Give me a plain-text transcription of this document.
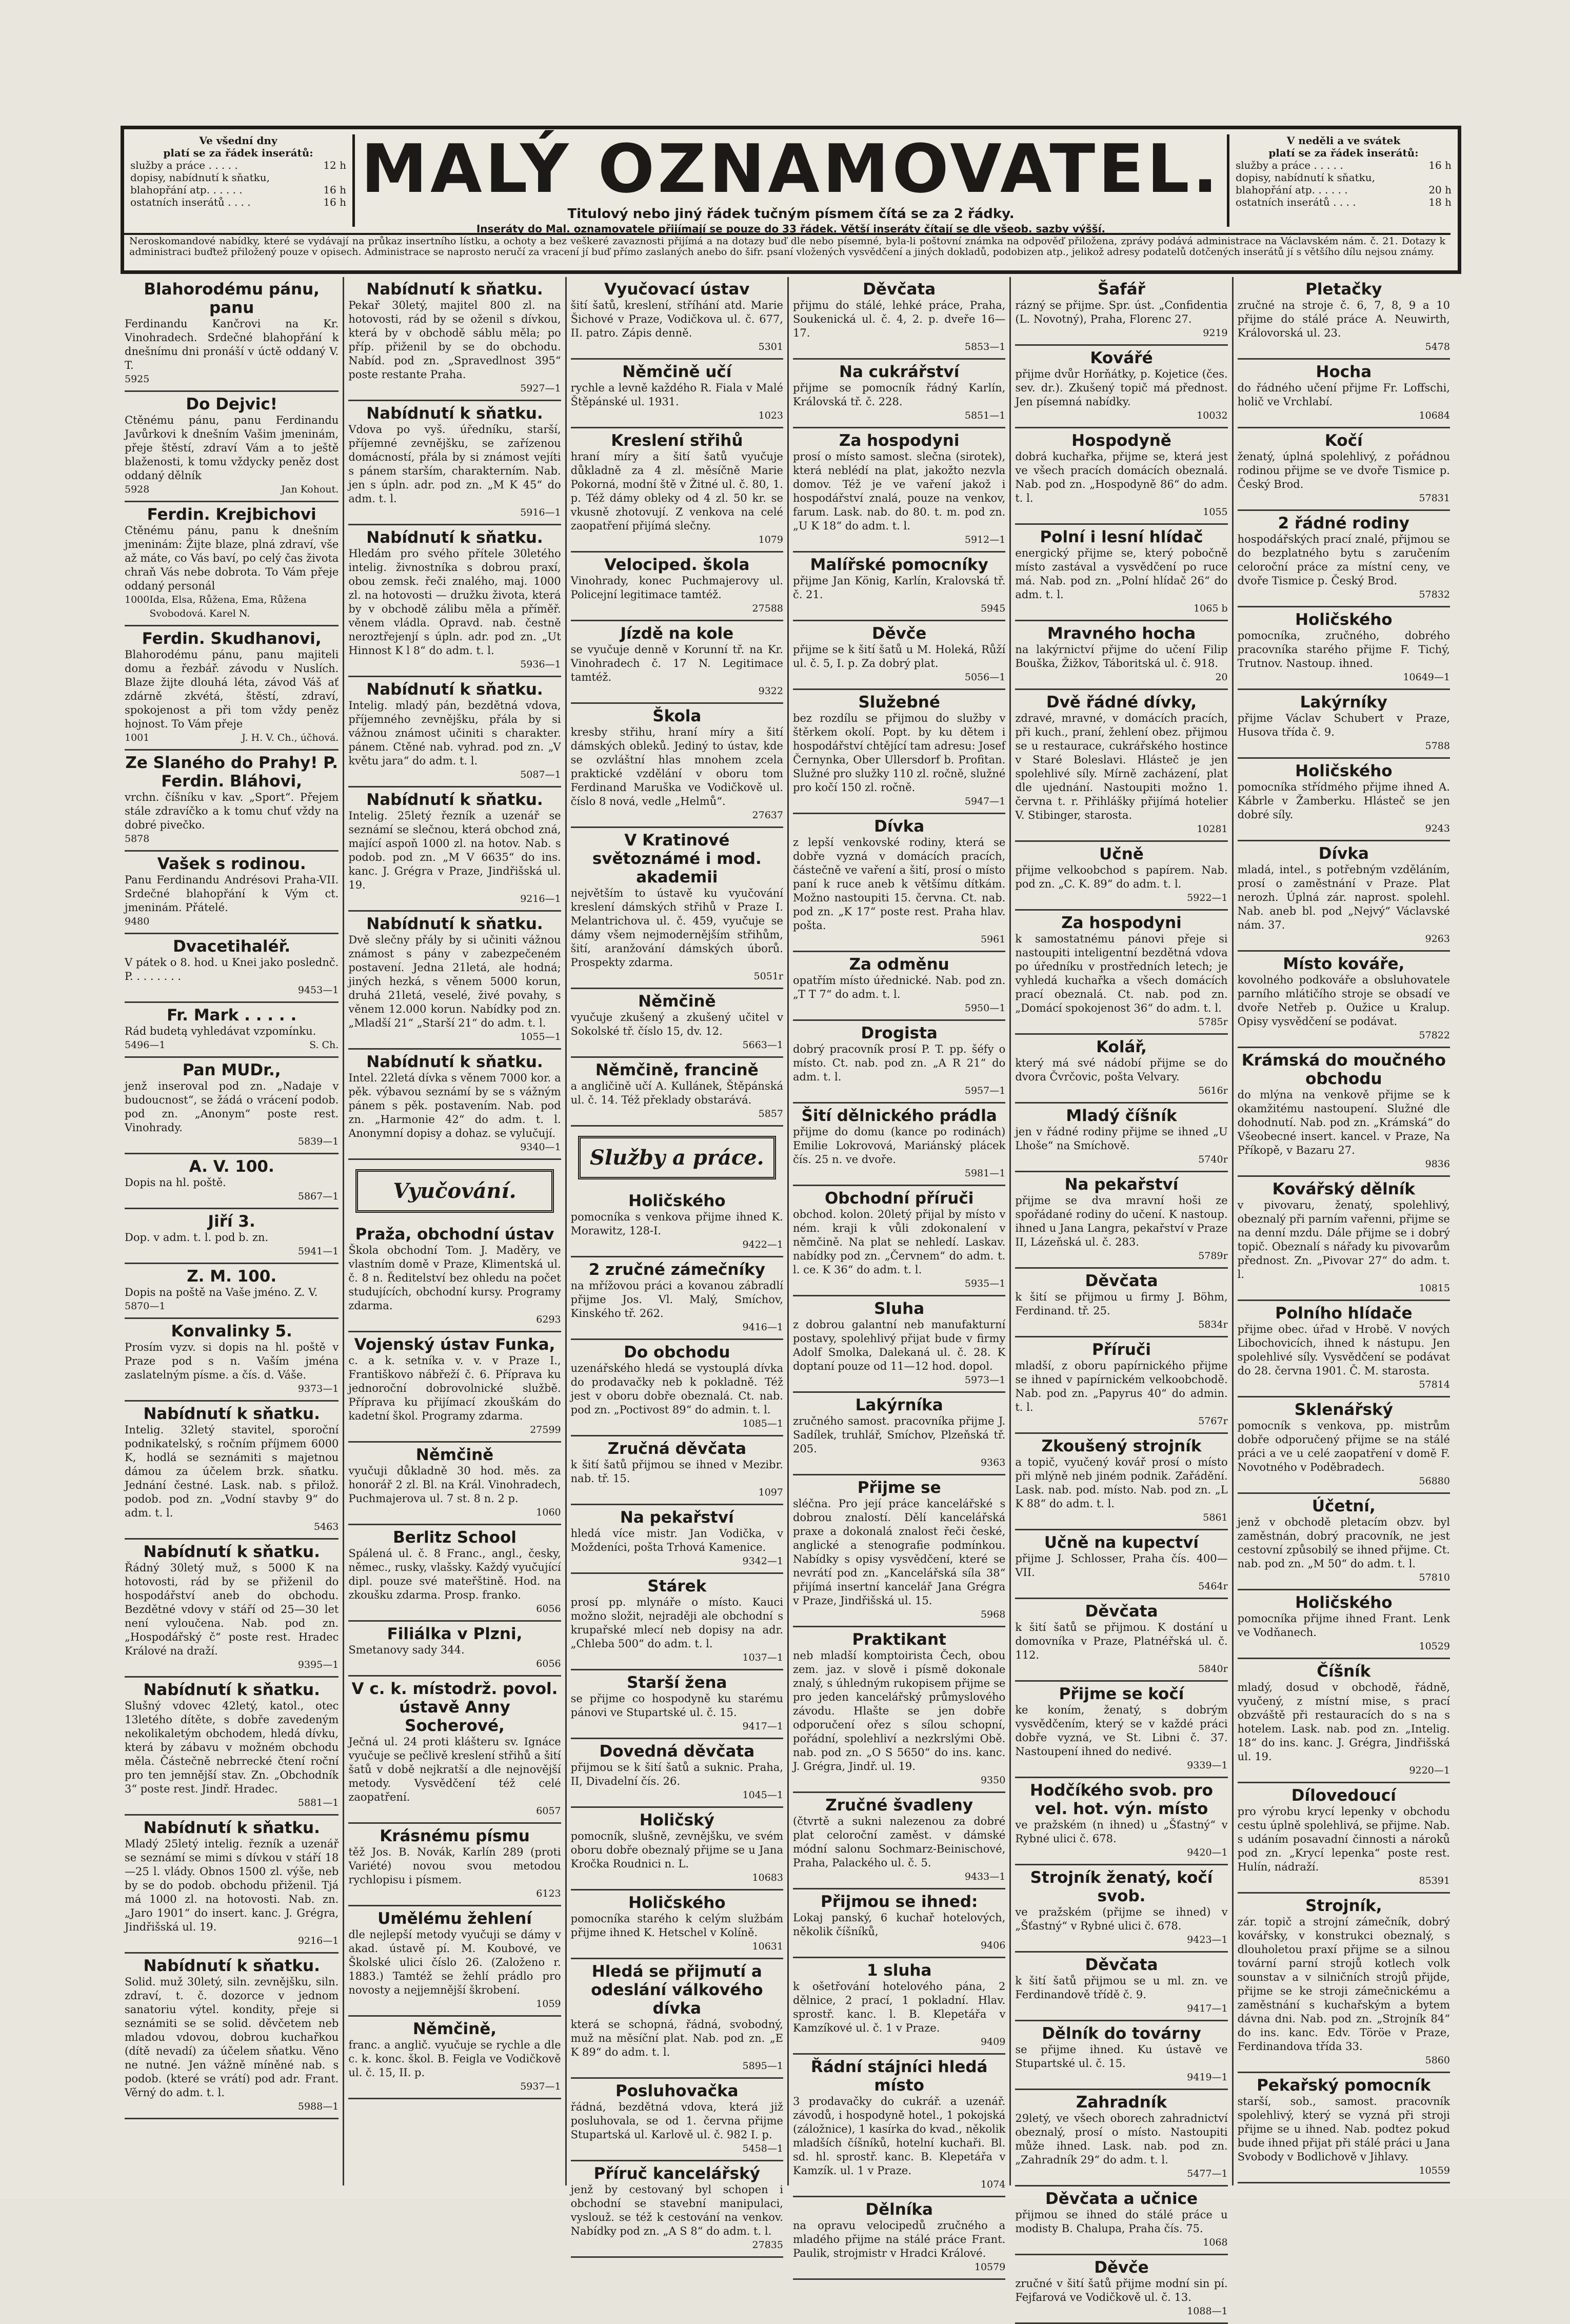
Ve všední dny
platí se za řádek inserátů:
služby a práce . . . . .	12 h
dopisy, nabídnutí k sňatku,
blahopřání atp. . . . . .	16 h
ostatních inserátů . . . .	16 h MALÝ OZNAMOVATEL.
Titulový nebo jiný řádek tučným písmem čítá se za 2 řádky.
Inseráty do Mal. oznamovatele přijímají se pouze do 33 řádek. Větší inseráty čítají se dle všeob. sazby výšší.
V neděli a ve svátek
platí se za řádek inserátů:
služby a práce . . . . .	16 h
dopisy, nabídnutí k sňatku,
blahopřání atp. . . . . .	20 h
ostatních inserátů . . . .	18 h
Neroskomandové nabídky, které se vydávají na průkaz insertního lístku, a ochoty a bez veškeré zavaznosti přijímá a na dotazy buď dle nebo písemné, byla-li poštovní známka na odpověď přiložena, zprávy podává administrace na Václavském nám. č. 21. Dotazy k administraci buďtež přiložený pouze v opisech. Administrace se naprosto neručí za vracení jí buď přímo zaslaných anebo do šifr. psaní vložených vysvědčení a jiných dokladů, podobizen atp., jelikož adresy podatelů dotčených inserátů jí s většího dílu nejsou známy.
Blahorodému pánu, panu
Ferdinandu Kančrovi na Kr. Vinohradech. Srdečné blahopřání k dnešnímu dni pronáší v úctě oddaný V. T.
5925
Do Dejvic!
Ctěnému pánu, panu Ferdinandu Javůrkovi k dnešním Vašim jmeninám, přeje štěstí, zdraví Vám a to ještě blaženosti, k tomu vždycky peněz dost oddaný dělník
5928	Jan Kohout.
Ferdin. Krejbichovi
Ctěnému pánu, panu k dnešním jmeninám: Žijte blaze, plná zdraví, vše až máte, co Vás baví, po celý čas života chraň Vás nebe dobrota. To Vám přeje oddaný personál
1000 Ida, Elsa, Růžena, Ema, Růžena Svobodová. Karel N.
Ferdin. Skudhanovi,
Blahorodému pánu, panu majiteli domu a řezbář. závodu v Nuslích. Blaze žijte dlouhá léta, závod Váš ať zdárně zkvétá, štěstí, zdraví, spokojenost a při tom vždy peněz hojnost. To Vám přeje
1001	J. H. V. Ch., účhová.
Ze Slaného do Prahy! P. Ferdin. Bláhovi,
vrchn. číšníku v kav. „Sport“. Přejem stále zdravíčko a k tomu chuť vždy na dobré pivečko.
5878
Vašek s rodinou.
Panu Ferdinandu Andrésovi Praha-VII. Srdečné blahopřání k Vým ct. jmeninám. Přátelé.
9480
Dvacetihaléř.
V pátek o 8. hod. u Knei jako poslednč. P. . . . . . . .
9453—1
Fr. Mark . . . . .
Rád budetą vyhledávat vzpomínku.
5496—1	S. Ch.
Pan MUDr.,
jenž inseroval pod zn. „Nadaje v budoucnost“, se žádá o vrácení podob. pod zn. „Anonym“ poste rest. Vinohrady.
5839—1
A. V. 100.
Dopis na hl. poště.
5867—1
Jiří 3.
Dop. v adm. t. l. pod b. zn.
5941—1
Z. M. 100.
Dopis na poště na Vaše jméno. Z. V.
5870—1
Konvalinky 5.
Prosím vyzv. si dopis na hl. poště v Praze pod s n. Vaším jména zaslatelným písme. a čís. d. Váše.
9373—1
Nabídnutí k sňatku.
Intelig. 32letý stavitel, sporoční podnikatelský, s ročním příjmem 6000 K, hodlá se seznámiti s majetnou dámou za účelem brzk. sňatku. Jednání čestné. Lask. nab. s přilož. podob. pod zn. „Vodní stavby 9“ do adm. t. l.
5463
Nabídnutí k sňatku.
Řádný 30letý muž, s 5000 K na hotovosti, rád by se přiženil do hospodářství aneb do obchodu. Bezdětné vdovy v stáří od 25—30 let není vyloučena. Nab. pod zn. „Hospodářský č“ poste rest. Hradec Králové na draží.
9395—1
Nabídnutí k sňatku.
Slušný vdovec 42letý, katol., otec 13letého dítěte, s dobře zavedeným nekolikaletým obchodem, hledá dívku, která by zábavu v možném obchodu měla. Částečně nebrrecké čtení roční pro ten jemnější stav. Zn. „Obchodník 3“ poste rest. Jindř. Hradec.
5881—1
Nabídnutí k sňatku.
Mladý 25letý intelig. řezník a uzenář se seznámí se mimi s dívkou v stáří 18—25 l. vlády. Obnos 1500 zl. výše, neb by se do podob. obchodu přiženil. Tjá má 1000 zl. na hotovosti. Nab. zn. „Jaro 1901“ do insert. kanc. J. Grégra, Jindřišská ul. 19.
9216—1
Nabídnutí k sňatku.
Solid. muž 30letý, siln. zevnějšku, siln. zdraví, t. č. dozorce v jednom sanatoriu výtel. kondity, přeje si seznámiti se se solid. děvčetem neb mladou vdovou, dobrou kuchařkou (dítě nevadí) za účelem sňatku. Věno ne nutné. Jen vážně míněné nab. s podob. (které se vrátí) pod adr. Frant. Věrný do adm. t. l.
5988—1
Nabídnutí k sňatku.
Pekař 30letý, majitel 800 zl. na hotovosti, rád by se oženil s dívkou, která by v obchodě sáblu měla; po příp. přiženil by se do obchodu. Nabíd. pod zn. „Spravedlnost 395“ poste restante Praha.
5927—1
Nabídnutí k sňatku.
Vdova po vyš. úředníku, starší, příjemné zevnějšku, se zařízenou domácností, přála by si známost vejíti s pánem starším, charakterním. Nab. jen s úpln. adr. pod zn. „M K 45“ do adm. t. l.
5916—1
Nabídnutí k sňatku.
Hledám pro svého přítele 30letého intelig. živnostníka s dobrou praxí, obou zemsk. řeči znalého, maj. 1000 zl. na hotovosti — družku života, která by v obchodě zálibu měla a příměř. věnem vládla. Opravd. nab. čestně neroztřejenjí s úpln. adr. pod zn. „Ut Hinnost K l 8“ do adm. t. l.
5936—1
Nabídnutí k sňatku.
Intelig. mladý pán, bezdětná vdova, příjemného zevnějšku, přála by si vážnou známost učiniti s charakter. pánem. Ctěné nab. vyhrad. pod zn. „V květu jara“ do adm. t. l.
5087—1
Nabídnutí k sňatku.
Intelig. 25letý řezník a uzenář se seznámí se slečnou, která obchod zná, mající aspoň 1000 zl. na hotov. Nab. s podob. pod zn. „M V 6635“ do ins. kanc. J. Grégra v Praze, Jindřišská ul. 19.
9216—1
Nabídnutí k sňatku.
Dvě slečny přály by si učiniti vážnou známost s pány v zabezpečeném postavení. Jedna 21letá, ale hodná; jiných hezká, s věnem 5000 korun, druhá 21letá, veselé, živé povahy, s věnem 12.000 korun. Nabídky pod zn. „Mladší 21“ „Starší 21“ do adm. t. l.
1055—1
Nabídnutí k sňatku.
Intel. 22letá dívka s věnem 7000 kor. a pěk. výbavou seznámí by se s vážným pánem s pěk. postavením. Nab. pod zn. „Harmonie 42“ do adm. t. l. Anonymní dopisy a dohaz. se vylučují.
9340—1
Vyučování.
Praža, obchodní ústav
Škola obchodní Tom. J. Maděry, ve vlastním domě v Praze, Klimentská ul. č. 8 n. Ředitelství bez ohledu na počet studujících, obchodní kursy. Programy zdarma.
6293
Vojenský ústav Funka,
c. a k. setníka v. v. v Praze I., Františkovo nábřeží č. 6. Příprava ku jednoroční dobrovolnické službě. Příprava ku přijímací zkouškám do kadetní škol. Programy zdarma.
27599
Němčině
vyučuji důkladně 30 hod. měs. za honorář 2 zl. Bl. na Král. Vinohradech, Puchmajerova ul. 7 st. 8 n. 2 p.
1060
Berlitz School
Spálená ul. č. 8 Franc., angl., česky, němec., rusky, vlašsky. Každý vyučující dipl. pouze své mateřštině. Hod. na zkoušku zdarma. Prosp. franko.
6056
Filiálka v Plzni,
Smetanovy sady 344.
6056
V c. k. místodrž. povol. ústavě Anny Socherové,
Ječná ul. 24 proti klášteru sv. Ignáce vyučuje se pečlivě kreslení střihů a šití šatů v době nejkratší a dle nejnovější metody. Vysvědčení též celé zaopatření.
6057
Krásnému písmu
těž Jos. B. Novák, Karlín 289 (proti Variété) novou svou metodou rychlopisu i písmem.
6123
Umělému žehlení
dle nejlepší metody vyučuji se dámy v akad. ústavě pí. M. Koubové, ve Školské ulici číslo 26. (Založeno r. 1883.) Tamtéž se žehlí prádlo pro novosty a nejjemnější škrobení.
1059
Němčině,
franc. a anglič. vyučuje se rychle a dle c. k. konc. škol. B. Feigla ve Vodičkově ul. č. 15, II. p.
5937—1
Vyučovací ústav
šití šatů, kreslení, stříhání atd. Marie Šichové v Praze, Vodičkova ul. č. 677, II. patro. Zápis denně.
5301
Němčině učí
rychle a levně každého R. Fiala v Malé Štěpánské ul. 1931.
1023
Kreslení střihů
hraní míry a šití šatů vyučuje důkladně za 4 zl. měsíčně Marie Pokorná, modní ště v Žitné ul. č. 80, 1. p. Též dámy obleky od 4 zl. 50 kr. se vkusně zhotovují. Z venkova na celé zaopatření přijímá slečny.
1079
Velociped. škola
Vinohrady, konec Puchmajerovy ul. Policejní legitimace tamtéž.
27588
Jízdě na kole
se vyučuje denně v Korunní tř. na Kr. Vinohradech č. 17 N. Legitimace tamtéž.
9322
Škola
kresby střihu, hraní míry a šití dámských obleků. Jediný to ústav, kde se ozvláštní hlas mnohem zcela praktické vzdělání v oboru tom Ferdinand Maruška ve Vodičkově ul. číslo 8 nová, vedle „Helmů“.
27637
V Kratinové světoznámé i mod. akademii
největším to ústavě ku vyučování kreslení dámských střihů v Praze I. Melantrichova ul. č. 459, vyučuje se dámy všem nejmodernějším střihům, šití, aranžování dámských úborů. Prospekty zdarma.
5051r
Němčině
vyučuje zkušený a zkušený učitel v Sokolské tř. číslo 15, dv. 12.
5663—1
Němčině, francině
a angličině učí A. Kullánek, Štěpánská ul. č. 14. Též překlady obstarává.
5857
Služby a práce.
Holičského
pomocníka s venkova přijme ihned K. Morawitz, 128-I.
9422—1
2 zručné zámečníky
na mřížovou práci a kovanou zábradlí přijme Jos. Vl. Malý, Smíchov, Kinského tř. 262.
9416—1
Do obchodu
uzenářského hledá se vystouplá dívka do prodavačky neb k pokladně. Též jest v oboru dobře obeznalá. Ct. nab. pod zn. „Poctivost 89“ do admin. t. l.
1085—1
Zručná děvčata
k šití šatů přijmou se ihned v Mezibr. nab. tř. 15.
1097
Na pekařství
hledá více mistr. Jan Vodička, v Moždeníci, pošta Trhová Kamenice.
9342—1
Stárek
prosí pp. mlynáře o místo. Kauci možno složit, nejraději ale obchodní s krupařské mlecí neb dopisy na adr. „Chleba 500“ do adm. t. l.
1037—1
Starší žena
se přijme co hospodyně ku starému pánovi ve Stupartské ul. č. 15.
9417—1
Dovedná děvčata
přijmou se k šití šatů a suknic. Praha, II, Divadelní čís. 26.
1045—1
Holičský
pomocník, slušně, zevnějšku, ve svém oboru dobře obeznalý přijme se u Jana Kročka Roudnici n. L.
10683
Holičského
pomocníka starého k celým službám přijme ihned K. Hetschel v Kolíně.
10631
Hledá se přijmutí a odeslání válkového dívka
která se schopná, řádná, svobodný, muž na měsíční plat. Nab. pod zn. „E K 89“ do adm. t. l.
5895—1
Posluhovačka
řádná, bezdětná vdova, která již posluhovala, se od 1. června přijme Stupartská ul. Karlově ul. č. 982 I. p.
5458—1
Příruč kancelářský
jenž by cestovaný byl schopen i obchodní se stavební manipulaci, vyslouž. se též k cestování na venkov. Nabídky pod zn. „A S 8“ do adm. t. l.
27835
Děvčata
přijmu do stálé, lehké práce, Praha, Soukenická ul. č. 4, 2. p. dveře 16—17.
5853—1
Na cukrářství
přijme se pomocník řádný Karlín, Královská tř. č. 228.
5851—1
Za hospodyni
prosí o místo samost. slečna (sirotek), která neblédí na plat, jakožto nezvla domov. Též je ve vaření jakož i hospodářství znalá, pouze na venkov, farum. Lask. nab. do 80. t. m. pod zn. „U K 18“ do adm. t. l.
5912—1
Malířské pomocníky
přijme Jan König, Karlín, Kralovská tř. č. 21.
5945
Děvče
přijme se k šití šatů u M. Holeká, Růží ul. č. 5, I. p. Za dobrý plat.
5056—1
Služebné
bez rozdílu se přijmou do služby v štěrkem okolí. Popt. by ku dětem i hospodářství chtějící tam adresu: Josef Černynka, Ober Ullersdorf b. Profitan. Služné pro služky 110 zl. ročně, služné pro kočí 150 zl. ročně.
5947—1
Dívka
z lepší venkovské rodiny, která se dobře vyzná v domácích pracích, částečně ve vaření a šití, prosí o místo paní k ruce aneb k většímu dítkám. Možno nastoupiti 15. června. Ct. nab. pod zn. „K 17“ poste rest. Praha hlav. pošta.
5961
Za odměnu
opatřím místo úřednické. Nab. pod zn. „T T 7“ do adm. t. l.
5950—1
Drogista
dobrý pracovník prosí P. T. pp. šéfy o místo. Ct. nab. pod zn. „A R 21“ do adm. t. l.
5957—1
Šití dělnického prádla
přijme do domu (kance po rodinách) Emilie Lokrovová, Mariánský plácek čís. 25 n. ve dvoře.
5981—1
Obchodní příruči
obchod. kolon. 20letý přijal by místo v ném. kraji k vůli zdokonalení v němčině. Na plat se nehledí. Laskav. nabídky pod zn. „Červnem“ do adm. t. l. ce. K 36“ do adm. t. l.
5935—1
Sluha
z dobrou galantní neb manufakturní postavy, spolehlivý přijat bude v firmy Adolf Smolka, Dalekaná ul. č. 28. K doptaní pouze od 11—12 hod. dopol.
5973—1
Lakýrníka
zručného samost. pracovníka přijme J. Sadílek, truhlář, Smíchov, Plzeňská tř. 205.
9363
Přijme se
sléčna. Pro její práce kancelářské s dobrou znalostí. Dělí kancelářská praxe a dokonalá znalost řeči české, anglické a stenografie podmínkou. Nabídky s opisy vysvědčení, které se nevrátí pod zn. „Kancelářská síla 38“ přijímá insertní kancelář Jana Grégra v Praze, Jindřišská ul. 15.
5968
Praktikant
neb mladší komptoirista Čech, obou zem. jaz. v slově i písmě dokonale znalý, s úhledným rukopisem přijme se pro jeden kancelářský průmyslového závodu. Hlašte se jen dobře odporučení ořez s sílou schopní, pořádní, spolehliví a nezkrslými Obě. nab. pod zn. „O S 5650“ do ins. kanc. J. Grégra, Jindř. ul. 19.
9350
Zručné švadleny
(čtvrtě a sukni nalezenou za dobré plat celoroční zaměst. v dámské módní salonu Sochmarz-Beinischové, Praha, Palackého ul. č. 5.
9433—1
Přijmou se ihned:
Lokaj panský, 6 kuchař hotelových, několik číšníků,
9406
1 sluha
k ošetřování hotelového pána, 2 dělnice, 2 prací, 1 pokladní. Hlav. sprostř. kanc. l. B. Klepetářa v Kamzíkové ul. č. 1 v Praze.
9409
Řádní stájníci hledá místo
3 prodavačky do cukrář. a uzenář. závodů, i hospodyně hotel., 1 pokojská (záložnice), 1 kasírka do kvad., několik mladších číšníků, hotelní kuchaři. Bl. sd. hl. sprostř. kanc. B. Klepetářa v Kamzík. ul. 1 v Praze.
1074
Dělníka
na opravu velocipedů zručného a mladého přijme na stálé práce Frant. Paulik, strojmistr v Hradci Králové.
10579
Šafář
rázný se přijme. Spr. úst. „Confidentia (L. Novotný), Praha, Florenc 27.
9219
Kovářé
přijme dvůr Horňátky, p. Kojetice (čes. sev. dr.). Zkušený topič má přednost. Jen písemná nabídky.
10032
Hospodyně
dobrá kuchařka, přijme se, která jest ve všech pracích domácích obeznalá. Nab. pod zn. „Hospodyně 86“ do adm. t. l.
1055
Polní i lesní hlídač
energický přijme se, který pobočně místo zastával a vysvědčení po ruce má. Nab. pod zn. „Polní hlídač 26“ do adm. t. l.
1065 b
Mravného hocha
na lakýrnictví přijme do učení Filip Bouška, Žižkov, Táboritská ul. č. 918.
20
Dvě řádné dívky,
zdravé, mravné, v domácích pracích, při kuch., praní, žehlení obez. přijmou se u restaurace, cukrářského hostince v Staré Boleslavi. Hlásteč je jen spolehlivé síly. Mírně zacházení, plat dle ujednání. Nastoupiti možno 1. června t. r. Přihlášky přijímá hotelier V. Stibinger, starosta.
10281
Učně
přijme velkoobchod s papírem. Nab. pod zn. „C. K. 89“ do adm. t. l.
5922—1
Za hospodyni
k samostatnému pánovi přeje si nastoupiti inteligentní bezdětná vdova po úředníku v prostředních letech; je vyhledá kuchařka a všech domácích prací obeznalá. Ct. nab. pod zn. „Domácí spokojenost 36“ do adm. t. l.
5785r
Kolář,
který má své nádobí přijme se do dvora Čvrčovic, pošta Velvary.
5616r
Mladý číšník
jen v řádné rodiny přijme se ihned „U Lhoše“ na Smíchově.
5740r
Na pekařství
přijme se dva mravní hoši ze spořádané rodiny do učení. K nastoup. ihned u Jana Langra, pekařství v Praze II, Lázeňská ul. č. 283.
5789r
Děvčata
k šití se přijmou u firmy J. Böhm, Ferdinand. tř. 25.
5834r
Příruči
mladší, z oboru papírnického přijme se ihned v papírnickém velkoobchodě. Nab. pod zn. „Papyrus 40“ do admin. t. l.
5767r
Zkoušený strojník
a topič, vyučený kovář prosí o místo při mlýně neb jiném podnik. Zařádění. Lask. nab. pod. místo. Nab. pod zn. „L K 88“ do adm. t. l.
5861
Učně na kupectví
přijme J. Schlosser, Praha čís. 400—VII.
5464r
Děvčata
k šití šatů se přijmou. K dostání u domovníka v Praze, Platnéřská ul. č. 112.
5840r
Přijme se kočí
ke koním, ženatý, s dobrým vysvědčením, který se v každé práci dobře vyzná, ve St. Libni č. 37. Nastoupení ihned do nedivé.
9339—1
Hodčíkého svob. pro vel. hot. výn. místo
ve pražském (n ihned) u „Šťastný“ v Rybné ulici č. 678.
9420—1
Strojník ženatý, kočí svob.
ve pražském (přijme se ihned) v „Šťastný“ v Rybné ulici č. 678.
9423—1
Děvčata
k šití šatů přijmou se u ml. zn. ve Ferdinandově třídě č. 9.
9417—1
Dělník do továrny
se přijme ihned. Ku ústavě ve Stupartské ul. č. 15.
9419—1
Zahradník
29letý, ve všech oborech zahradnictví obeznalý, prosí o místo. Nastoupiti může ihned. Lask. nab. pod zn. „Zahradník 29“ do adm. t. l.
5477—1
Děvčata a učnice
přijmou se ihned do stálé práce u modisty B. Chalupa, Praha čís. 75.
1068
Děvče
zručné v šití šatů přijme modní sin pí. Fejfarová ve Vodičkově ul. č. 13.
1088—1
Pletačky
zručné na stroje č. 6, 7, 8, 9 a 10 přijme do stálé práce A. Neuwirth, Královorská ul. 23.
5478
Hocha
do řádného učení přijme Fr. Loffschi, holič ve Vrchlabí.
10684
Kočí
ženatý, úplná spolehlivý, z pořádnou rodinou přijme se ve dvoře Tismice p. Český Brod.
57831
2 řádné rodiny
hospodářských prací znalé, přijmou se do bezplatného bytu s zaručením celoroční práce za místní ceny, ve dvoře Tismice p. Český Brod.
57832
Holičského
pomocníka, zručného, dobrého pracovníka starého přijme F. Tichý, Trutnov. Nastoup. ihned.
10649—1
Lakýrníky
přijme Václav Schubert v Praze, Husova třída č. 9.
5788
Holičského
pomocníka střídmého přijme ihned A. Kábrle v Žamberku. Hlásteč se jen dobré síly.
9243
Dívka
mladá, intel., s potřebným vzděláním, prosí o zaměstnání v Praze. Plat nerozh. Úplná zár. naprost. spolehl. Nab. aneb bl. pod „Nejvý“ Václavské nám. 37.
9263
Místo kováře,
kovolného podkováře a obsluhovatele parního mlátičího stroje se obsadí ve dvoře Netřeb p. Oužice u Kralup. Opisy vysvědčení se podávat.
57822
Krámská do moučného obchodu
do mlýna na venkově přijme se k okamžitému nastoupení. Služné dle dohodnutí. Nab. pod zn. „Krámská“ do Všeobecné insert. kancel. v Praze, Na Příkopě, v Bazaru 27.
9836
Kovářský dělník
v pivovaru, ženatý, spolehlivý, obeznalý při parním vařenni, přijme se na denní mzdu. Dále přijme se i dobrý topič. Obeznalí s nářady ku pivovarům přednost. Zn. „Pivovar 27“ do adm. t. l.
10815
Polního hlídače
přijme obec. úřad v Hrobě. V nových Libochovicích, ihned k nástupu. Jen spolehlivé síly. Vysvědčení se podávat do 28. června 1901. Č. M. starosta.
57814
Sklenářský
pomocník s venkova, pp. mistrům dobře odporučený přijme se na stálé práci a ve u celé zaopatření v domě F. Novotného v Poděbradech.
56880
Účetní,
jenž v obchodě pletacím obzv. byl zaměstnán, dobrý pracovník, ne jest cestovní způsobilý se ihned přijme. Ct. nab. pod zn. „M 50“ do adm. t. l.
57810
Holičského
pomocníka přijme ihned Frant. Lenk ve Vodňanech.
10529
Číšník
mladý, dosud v obchodě, řádně, vyučený, z místní mise, s prací obzváště při restauracích do s na s hotelem. Lask. nab. pod zn. „Intelig. 18“ do ins. kanc. J. Grégra, Jindřišská ul. 19.
9220—1
Dílovedoucí
pro výrobu krycí lepenky v obchodu cestu úplně spolehlivá, se přijme. Nab. s udáním posavadní činnosti a nároků pod zn. „Krycí lepenka“ poste rest. Hulín, nádraží.
85391
Strojník,
zár. topič a strojní zámečník, dobrý kovářsky, v konstrukci obeznalý, s dlouholetou praxí přijme se a silnou tovární parní strojů kotlech volk sounstav a v silničních strojů přijde, přijme se ke stroji zámečnickému a zaměstnání s kuchařským a bytem dávna dni. Nab. pod zn. „Strojník 84“ do ins. kanc. Edv. Töröe v Praze, Ferdinandova třída 33.
5860
Pekařský pomocník
starší, sob., samost. pracovník spolehlivý, který se vyzná při stroji přijme se u ihned. Nab. podtez pokud bude ihned přijat při stálé práci u Jana Svobody v Bodlichově v Jihlavy.
10559
